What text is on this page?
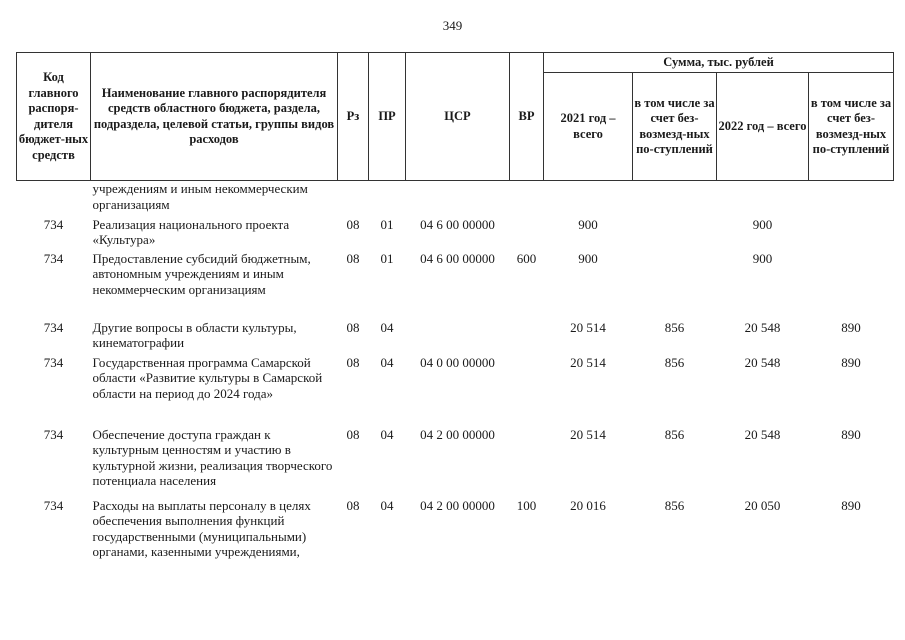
349
Код главного распоря-дителя бюджет-ных средств	Наименование главного распорядителя средств областного бюджета, раздела, подраздела, целевой статьи, группы видов расходов	Рз	ПР	ЦСР	ВР	Сумма, тыс. рублей			
						2021 год – всего	в том числе за счет без-возмезд-ных по-ступлений	2022 год – всего	в том числе за счет без-возмезд-ных по-ступлений
	учреждениям и иным некоммерческим организациям								
734	Реализация национального проекта «Культура»	08	01	04 6 00 00000		900		900	
734	Предоставление субсидий бюджетным, автономным учреждениям и иным некоммерческим организациям	08	01	04 6 00 00000	600	900		900	
734	Другие вопросы в области культуры, кинематографии	08	04			20 514	856	20 548	890
734	Государственная программа Самарской области «Развитие культуры в Самарской области на период до 2024 года»	08	04	04 0 00 00000		20 514	856	20 548	890
734	Обеспечение доступа граждан к культурным ценностям и участию в культурной жизни, реализация творческого потенциала населения	08	04	04 2 00 00000		20 514	856	20 548	890
734	Расходы на выплаты персоналу в целях обеспечения выполнения функций государственными (муниципальными) органами, казенными учреждениями,	08	04	04 2 00 00000	100	20 016	856	20 050	890
